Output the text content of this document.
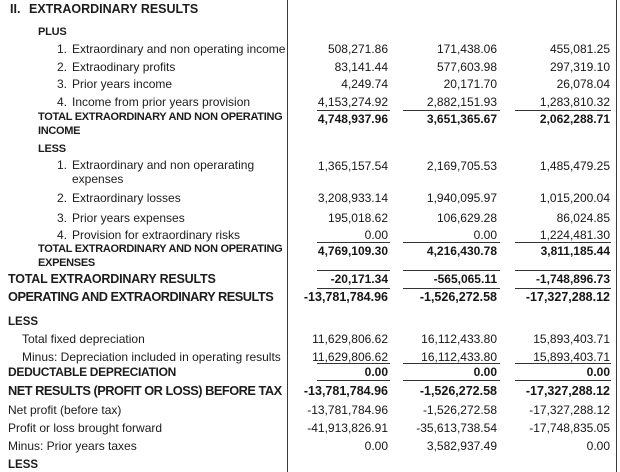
II. EXTRAORDINARY RESULTS
PLUS
1. Extraordinary and non operating income	508,271.86	171,438.06	455,081.25
2. Extraodinary profits	83,141.44	577,603.98	297,319.10
3. Prior years income	4,249.74	20,171.70	26,078.04
4. Income from prior years provision	4,153,274.92	2,882,151.93	1,283,810.32
TOTAL EXTRAORDINARY AND NON OPERATING INCOME
4,748,937.96	3,651,365.67	2,062,288.71
LESS
1. Extraordinary and non operarating expenses
1,365,157.54	2,169,705.53	1,485,479.25
2. Extraordinary losses	3,208,933.14	1,940,095.97	1,015,200.04
3. Prior years expenses	195,018.62	106,629.28	86,024.85
4. Provision for extraordinary risks	0.00	0.00	1,224,481.30
TOTAL EXTRAORDINARY AND NON OPERATING EXPENSES
4,769,109.30	4,216,430.78	3,811,185.44
TOTAL EXTRAORDINARY RESULTS	-20,171.34	-565,065.11	-1,748,896.73
OPERATING AND EXTRAORDINARY RESULTS	-13,781,784.96	-1,526,272.58 -17,327,288.12
LESS
Total fixed depreciation	11,629,806.62	16,112,433.80	15,893,403.71
Minus: Depreciation included in operating results	11,629,806.62	16,112,433.80	15,893,403.71
DEDUCTABLE DEPRECIATION	0.00	0.00	0.00
NET RESULTS (PROFIT OR LOSS) BEFORE TAX	-13,781,784.96	-1,526,272.58 -17,327,288.12
Net profit (before tax)	-13,781,784.96	-1,526,272.58	-17,327,288.12
Profit or loss brought forward	-41,913,826.91 -35,613,738.54	-17,748,835.05
Minus: Prior years taxes	0.00	3,582,937.49	0.00
LESS
